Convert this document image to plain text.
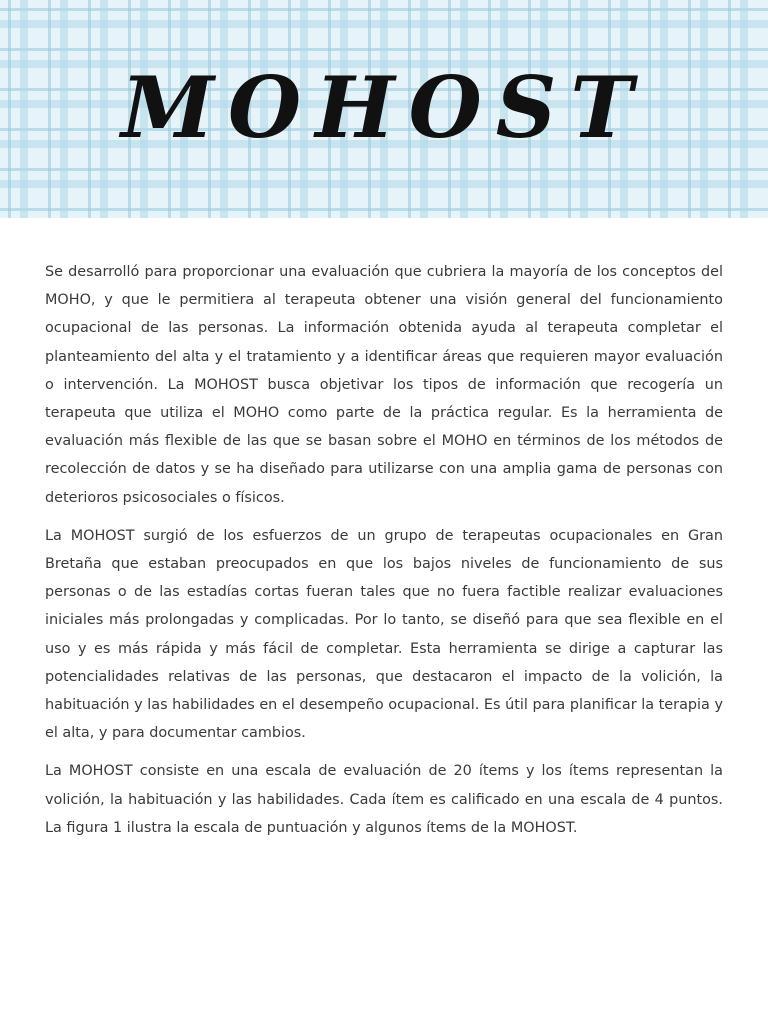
MOHOST

Se desarrolló para proporcionar una evaluación que cubriera la mayoría de los conceptos del MOHO, y que le permitiera al terapeuta obtener una visión general del funcionamiento ocupacional de las personas. La información obtenida ayuda al terapeuta completar el planteamiento del alta y el tratamiento y a identificar áreas que requieren mayor evaluación o intervención. La MOHOST busca objetivar los tipos de información que recogería un terapeuta que utiliza el MOHO como parte de la práctica regular. Es la herramienta de evaluación más flexible de las que se basan sobre el MOHO en términos de los métodos de recolección de datos y se ha diseñado para utilizarse con una amplia gama de personas con deterioros psicosociales o físicos.

La MOHOST surgió de los esfuerzos de un grupo de terapeutas ocupacionales en Gran Bretaña que estaban preocupados en que los bajos niveles de funcionamiento de sus personas o de las estadías cortas fueran tales que no fuera factible realizar evaluaciones iniciales más prolongadas y complicadas. Por lo tanto, se diseñó para que sea flexible en el uso y es más rápida y más fácil de completar. Esta herramienta se dirige a capturar las potencialidades relativas de las personas, que destacaron el impacto de la volición, la habituación y las habilidades en el desempeño ocupacional. Es útil para planificar la terapia y el alta, y para documentar cambios.

La MOHOST consiste en una escala de evaluación de 20 ítems y los ítems representan la volición, la habituación y las habilidades. Cada ítem es calificado en una escala de 4 puntos. La figura 1 ilustra la escala de puntuación y algunos ítems de la MOHOST.
